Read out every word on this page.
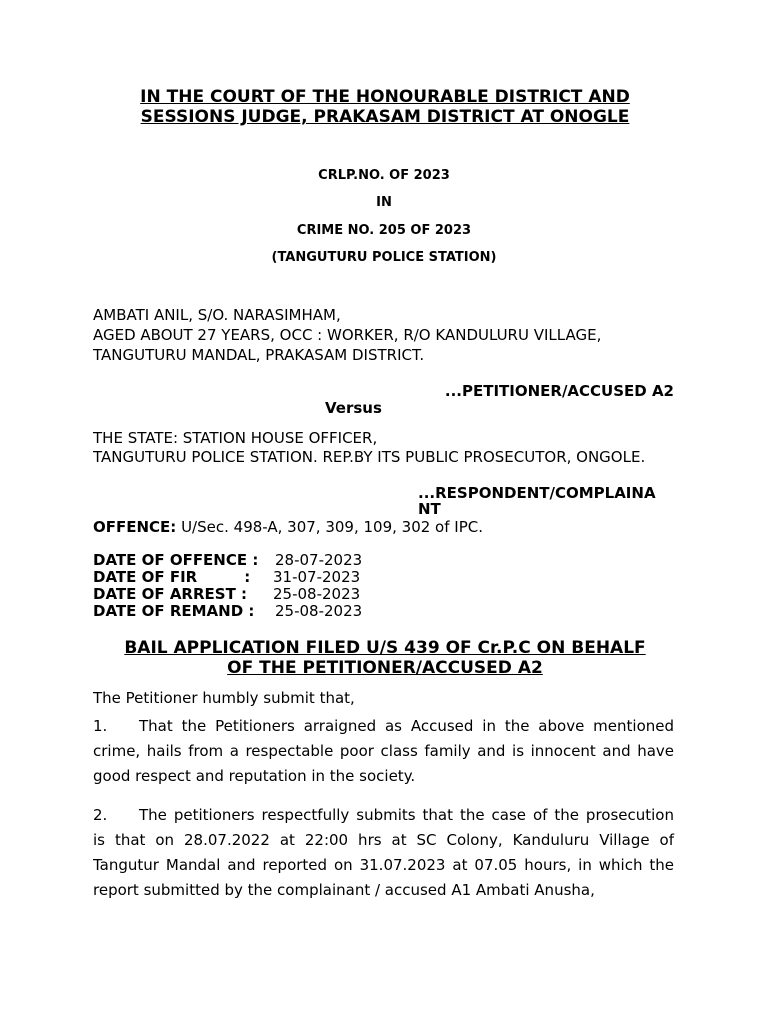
IN THE COURT OF THE HONOURABLE DISTRICT AND
SESSIONS JUDGE, PRAKASAM DISTRICT AT ONOGLE
CRLP.NO. OF 2023
IN
CRIME NO. 205 OF 2023
(TANGUTURU POLICE STATION)
AMBATI ANIL, S/O. NARASIMHAM,
AGED ABOUT 27 YEARS, OCC : WORKER, R/O KANDULURU VILLAGE,
TANGUTURU MANDAL, PRAKASAM DISTRICT.
...PETITIONER/ACCUSED A2
Versus
THE STATE: STATION HOUSE OFFICER,
TANGUTURU POLICE STATION. REP.BY ITS PUBLIC PROSECUTOR, ONGOLE.
...RESPONDENT/COMPLAINA
NT
OFFENCE: U/Sec. 498-A, 307, 309, 109, 302 of IPC.
DATE OF OFFENCE : 28-07-2023
DATE OF FIR         : 31-07-2023
DATE OF ARREST : 25-08-2023
DATE OF REMAND : 25-08-2023
BAIL APPLICATION FILED U/S 439 OF Cr.P.C ON BEHALF
OF THE PETITIONER/ACCUSED A2
The Petitioner humbly submit that,
1. That the Petitioners arraigned as Accused in the above mentioned
crime, hails from a respectable poor class family and is innocent and have
good respect and reputation in the society.
2. The petitioners respectfully submits that the case of the prosecution
is that on 28.07.2022 at 22:00 hrs at SC Colony, Kanduluru Village of
Tangutur Mandal and reported on 31.07.2023 at 07.05 hours, in which the
report submitted by the complainant / accused A1 Ambati Anusha,
